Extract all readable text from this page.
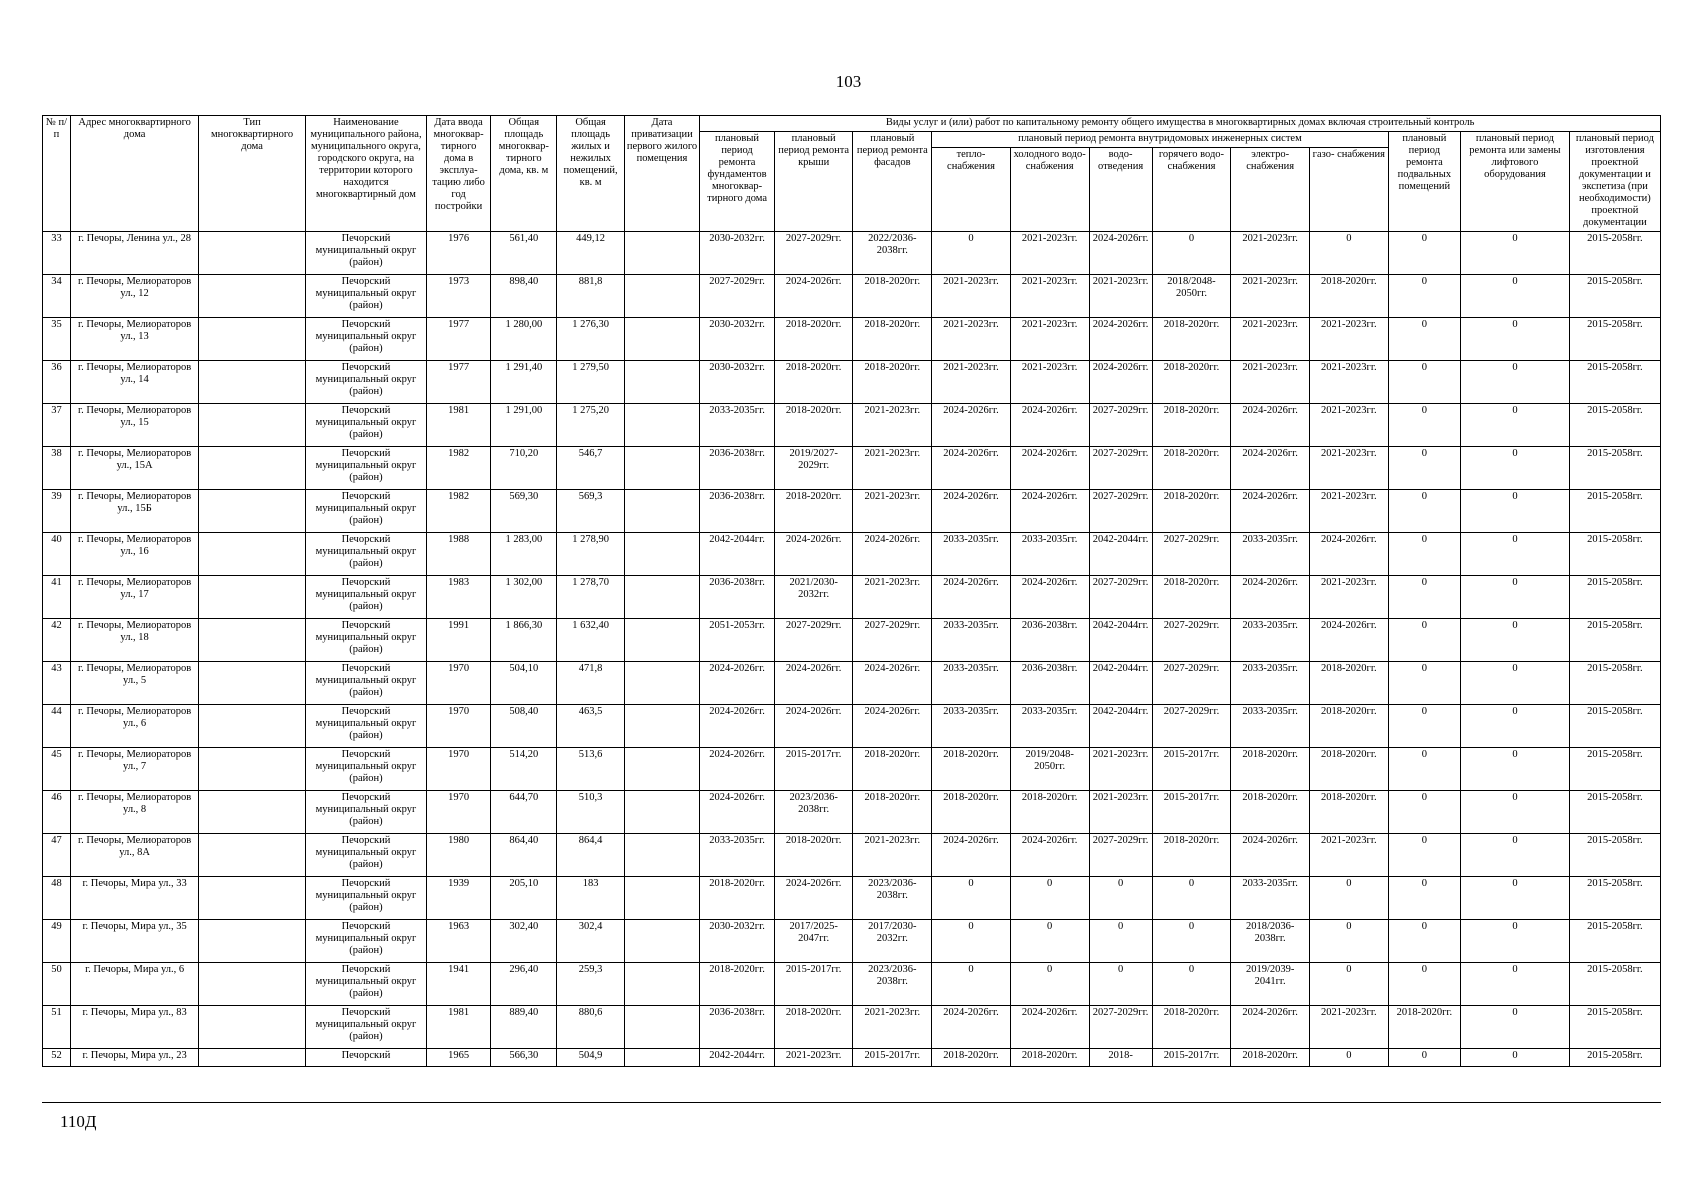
103
№ п/п	Адрес многоквартирного дома	Тип многоквартирного дома	Наименование муниципального района, муниципального округа, городского округа, на территории которого находится многоквартирный дом	Дата ввода многоквар- тирного дома в эксплуа- тацию либо год постройки	Общая площадь многоквар- тирного дома, кв. м	Общая площадь жилых и нежилых помещений, кв. м	Дата приватизации первого жилого помещения	Виды услуг и (или) работ по капитальному ремонту общего имущества в многоквартирных домах включая строительный контроль											
								плановый период ремонта фундаментов многоквар- тирного дома	плановый период ремонта крыши	плановый период ремонта фасадов	плановый период ремонта внутридомовых инженерных систем						плановый период ремонта подвальных помещений	плановый период ремонта или замены лифтового оборудования	плановый период изготовления проектной документации и экспетиза (при необходимости) проектной документации
											тепло- снабжения	холодного водо- снабжения	водо- отведения	горячего водо- снабжения	электро- снабжения	газо- снабжения			
33	г. Печоры, Ленина ул., 28		Печорский муниципальный округ (район)	1976	561,40	449,12		2030-2032гг.	2027-2029гг.	2022/2036-2038гг.	0	2021-2023гг.	2024-2026гг.	0	2021-2023гг.	0	0	0	2015-2058гг.
34	г. Печоры, Мелиораторов ул., 12		Печорский муниципальный округ (район)	1973	898,40	881,8		2027-2029гг.	2024-2026гг.	2018-2020гг.	2021-2023гг.	2021-2023гг.	2021-2023гг.	2018/2048-2050гг.	2021-2023гг.	2018-2020гг.	0	0	2015-2058гг.
35	г. Печоры, Мелиораторов ул., 13		Печорский муниципальный округ (район)	1977	1 280,00	1 276,30		2030-2032гг.	2018-2020гг.	2018-2020гг.	2021-2023гг.	2021-2023гг.	2024-2026гг.	2018-2020гг.	2021-2023гг.	2021-2023гг.	0	0	2015-2058гг.
36	г. Печоры, Мелиораторов ул., 14		Печорский муниципальный округ (район)	1977	1 291,40	1 279,50		2030-2032гг.	2018-2020гг.	2018-2020гг.	2021-2023гг.	2021-2023гг.	2024-2026гг.	2018-2020гг.	2021-2023гг.	2021-2023гг.	0	0	2015-2058гг.
37	г. Печоры, Мелиораторов ул., 15		Печорский муниципальный округ (район)	1981	1 291,00	1 275,20		2033-2035гг.	2018-2020гг.	2021-2023гг.	2024-2026гг.	2024-2026гг.	2027-2029гг.	2018-2020гг.	2024-2026гг.	2021-2023гг.	0	0	2015-2058гг.
38	г. Печоры, Мелиораторов ул., 15А		Печорский муниципальный округ (район)	1982	710,20	546,7		2036-2038гг.	2019/2027-2029гг.	2021-2023гг.	2024-2026гг.	2024-2026гг.	2027-2029гг.	2018-2020гг.	2024-2026гг.	2021-2023гг.	0	0	2015-2058гг.
39	г. Печоры, Мелиораторов ул., 15Б		Печорский муниципальный округ (район)	1982	569,30	569,3		2036-2038гг.	2018-2020гг.	2021-2023гг.	2024-2026гг.	2024-2026гг.	2027-2029гг.	2018-2020гг.	2024-2026гг.	2021-2023гг.	0	0	2015-2058гг.
40	г. Печоры, Мелиораторов ул., 16		Печорский муниципальный округ (район)	1988	1 283,00	1 278,90		2042-2044гг.	2024-2026гг.	2024-2026гг.	2033-2035гг.	2033-2035гг.	2042-2044гг.	2027-2029гг.	2033-2035гг.	2024-2026гг.	0	0	2015-2058гг.
41	г. Печоры, Мелиораторов ул., 17		Печорский муниципальный округ (район)	1983	1 302,00	1 278,70		2036-2038гг.	2021/2030-2032гг.	2021-2023гг.	2024-2026гг.	2024-2026гг.	2027-2029гг.	2018-2020гг.	2024-2026гг.	2021-2023гг.	0	0	2015-2058гг.
42	г. Печоры, Мелиораторов ул., 18		Печорский муниципальный округ (район)	1991	1 866,30	1 632,40		2051-2053гг.	2027-2029гг.	2027-2029гг.	2033-2035гг.	2036-2038гг.	2042-2044гг.	2027-2029гг.	2033-2035гг.	2024-2026гг.	0	0	2015-2058гг.
43	г. Печоры, Мелиораторов ул., 5		Печорский муниципальный округ (район)	1970	504,10	471,8		2024-2026гг.	2024-2026гг.	2024-2026гг.	2033-2035гг.	2036-2038гг.	2042-2044гг.	2027-2029гг.	2033-2035гг.	2018-2020гг.	0	0	2015-2058гг.
44	г. Печоры, Мелиораторов ул., 6		Печорский муниципальный округ (район)	1970	508,40	463,5		2024-2026гг.	2024-2026гг.	2024-2026гг.	2033-2035гг.	2033-2035гг.	2042-2044гг.	2027-2029гг.	2033-2035гг.	2018-2020гг.	0	0	2015-2058гг.
45	г. Печоры, Мелиораторов ул., 7		Печорский муниципальный округ (район)	1970	514,20	513,6		2024-2026гг.	2015-2017гг.	2018-2020гг.	2018-2020гг.	2019/2048-2050гг.	2021-2023гг.	2015-2017гг.	2018-2020гг.	2018-2020гг.	0	0	2015-2058гг.
46	г. Печоры, Мелиораторов ул., 8		Печорский муниципальный округ (район)	1970	644,70	510,3		2024-2026гг.	2023/2036-2038гг.	2018-2020гг.	2018-2020гг.	2018-2020гг.	2021-2023гг.	2015-2017гг.	2018-2020гг.	2018-2020гг.	0	0	2015-2058гг.
47	г. Печоры, Мелиораторов ул., 8А		Печорский муниципальный округ (район)	1980	864,40	864,4		2033-2035гг.	2018-2020гг.	2021-2023гг.	2024-2026гг.	2024-2026гг.	2027-2029гг.	2018-2020гг.	2024-2026гг.	2021-2023гг.	0	0	2015-2058гг.
48	г. Печоры, Мира ул., 33		Печорский муниципальный округ (район)	1939	205,10	183		2018-2020гг.	2024-2026гг.	2023/2036-2038гг.	0	0	0	0	2033-2035гг.	0	0	0	2015-2058гг.
49	г. Печоры, Мира ул., 35		Печорский муниципальный округ (район)	1963	302,40	302,4		2030-2032гг.	2017/2025-2047гг.	2017/2030-2032гг.	0	0	0	0	2018/2036-2038гг.	0	0	0	2015-2058гг.
50	г. Печоры, Мира ул., 6		Печорский муниципальный округ (район)	1941	296,40	259,3		2018-2020гг.	2015-2017гг.	2023/2036-2038гг.	0	0	0	0	2019/2039-2041гг.	0	0	0	2015-2058гг.
51	г. Печоры, Мира ул., 83		Печорский муниципальный округ (район)	1981	889,40	880,6		2036-2038гг.	2018-2020гг.	2021-2023гг.	2024-2026гг.	2024-2026гг.	2027-2029гг.	2018-2020гг.	2024-2026гг.	2021-2023гг.	2018-2020гг.	0	2015-2058гг.
52	г. Печоры, Мира ул., 23		Печорский	1965	566,30	504,9		2042-2044гг.	2021-2023гг.	2015-2017гг.	2018-2020гг.	2018-2020гг.	2018-	2015-2017гг.	2018-2020гг.	0	0	0	2015-2058гг.
110Д
